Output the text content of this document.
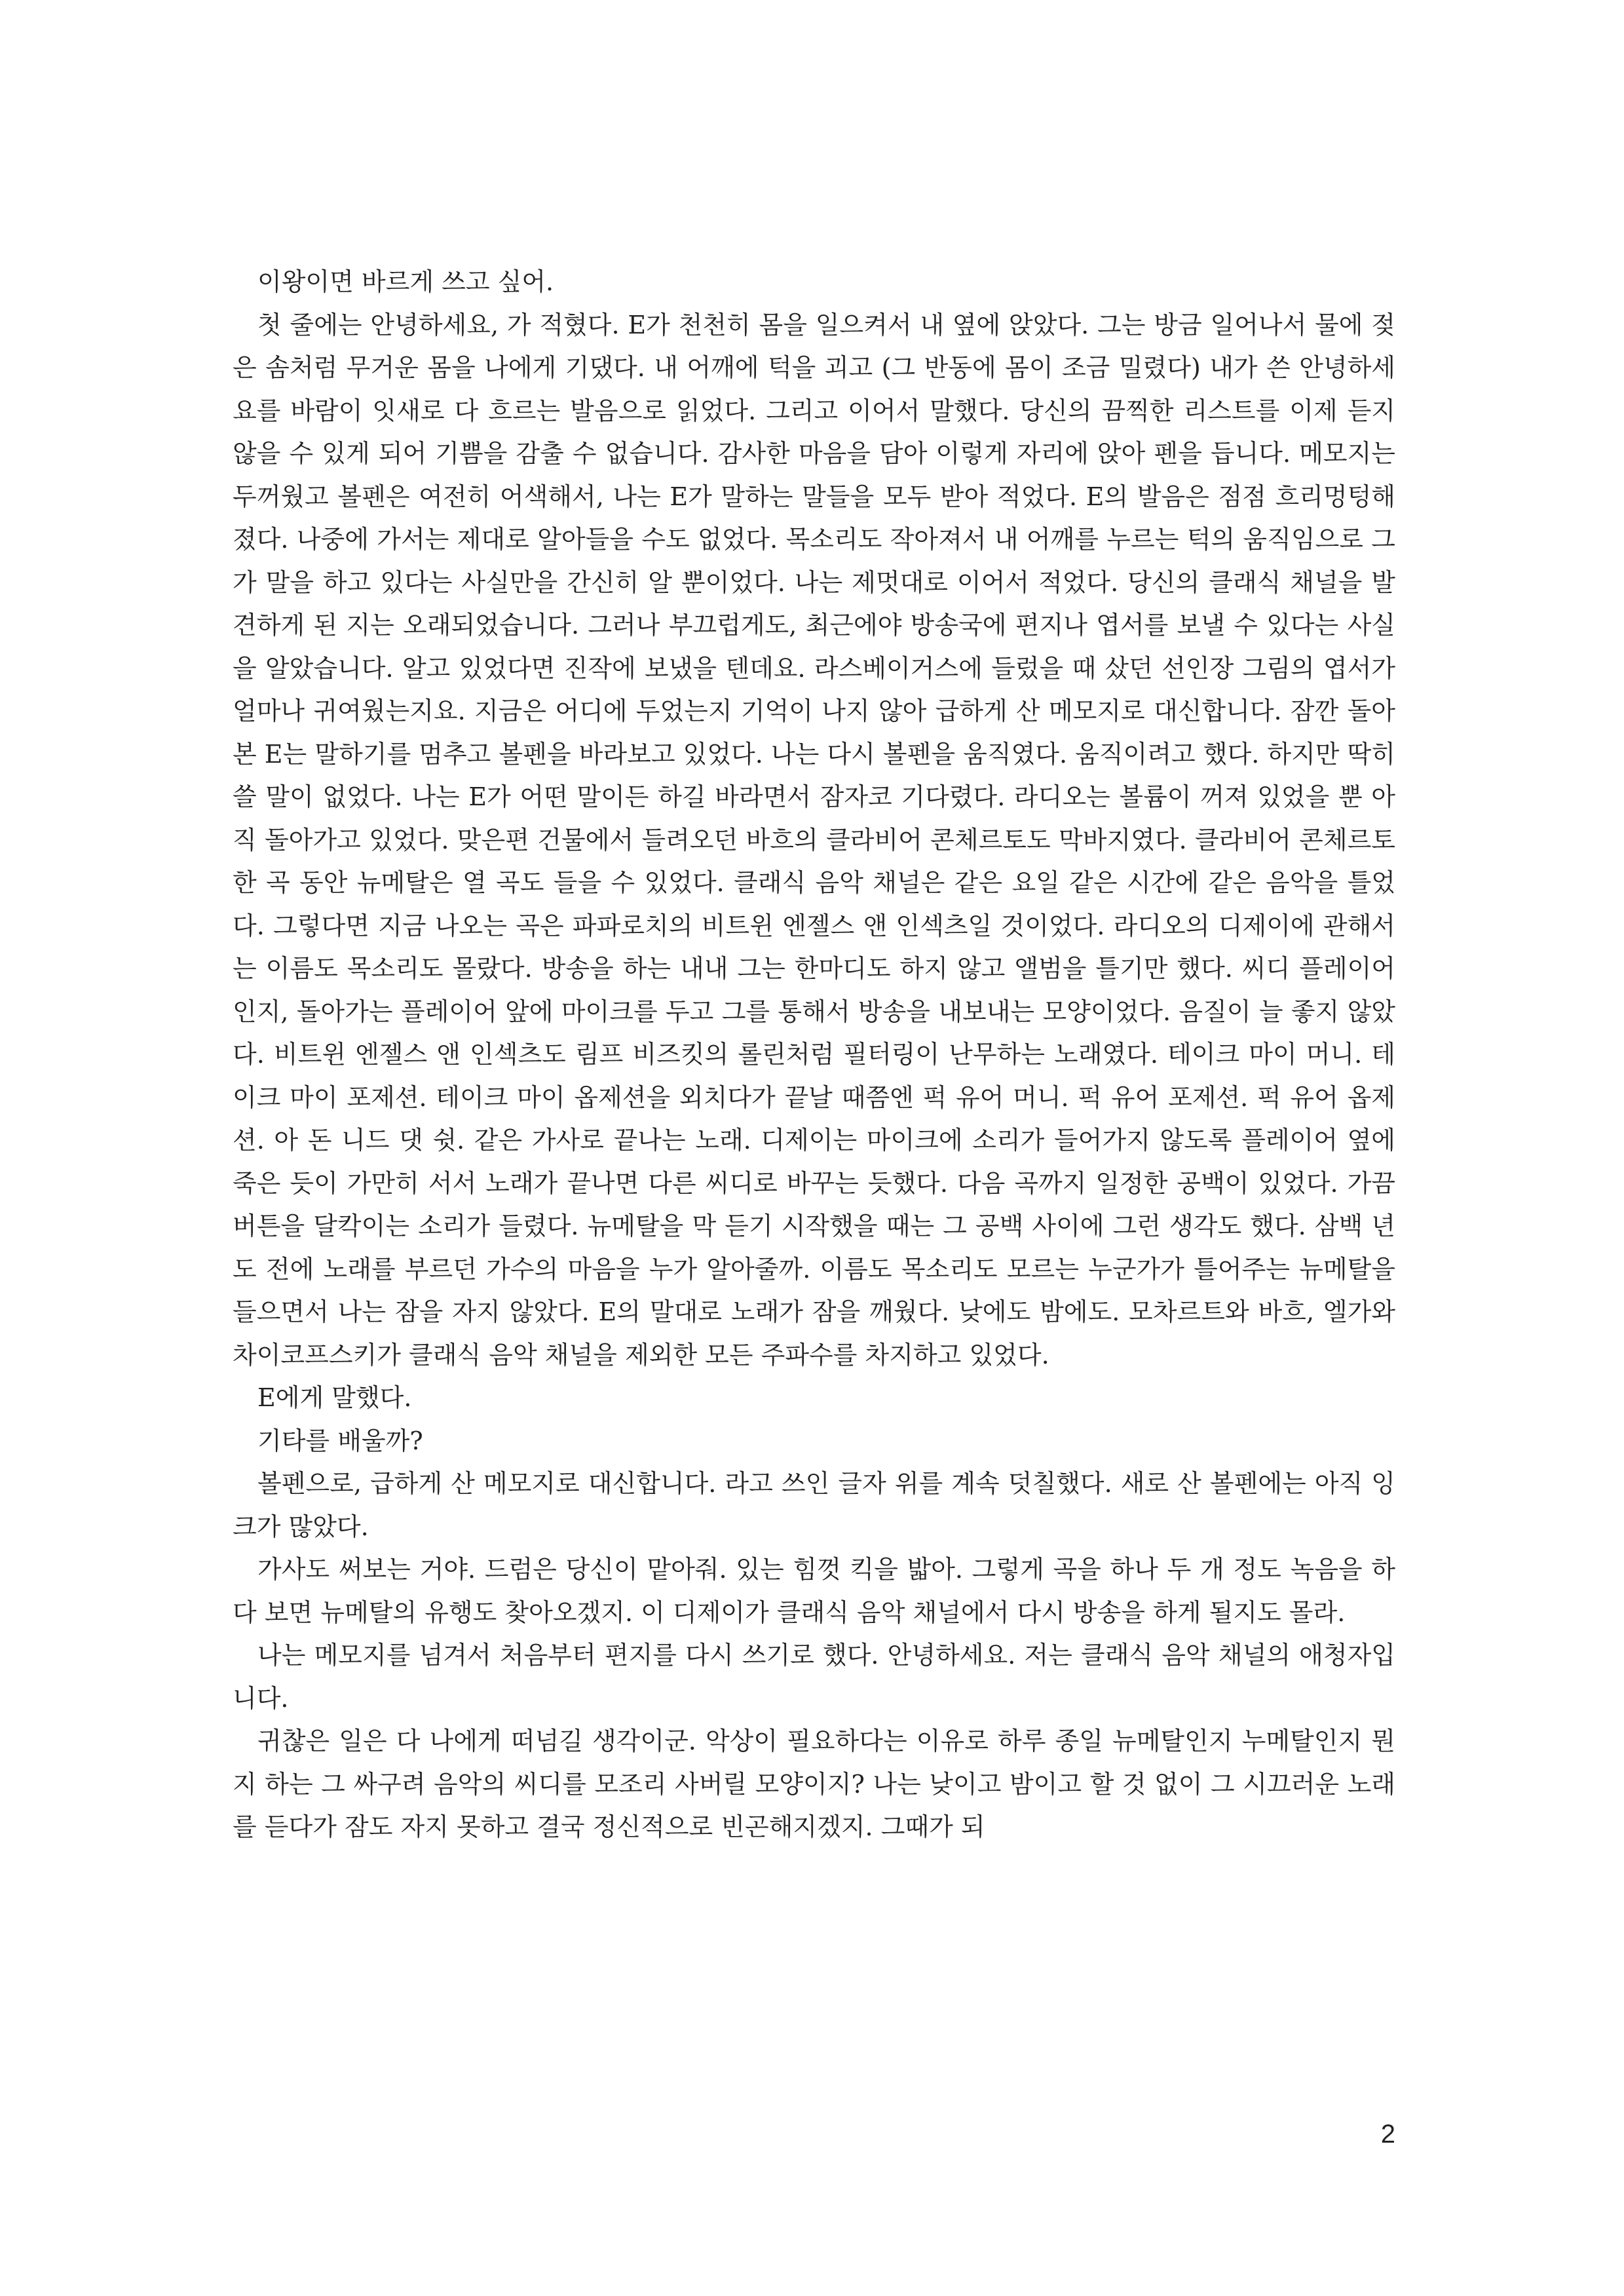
이왕이면 바르게 쓰고 싶어.

첫 줄에는 안녕하세요, 가 적혔다. E가 천천히 몸을 일으켜서 내 옆에 앉았다. 그는 방금 일어나서 물에 젖은 솜처럼 무거운 몸을 나에게 기댔다. 내 어깨에 턱을 괴고 (그 반동에 몸이 조금 밀렸다) 내가 쓴 안녕하세요를 바람이 잇새로 다 흐르는 발음으로 읽었다. 그리고 이어서 말했다. 당신의 끔찍한 리스트를 이제 듣지 않을 수 있게 되어 기쁨을 감출 수 없습니다. 감사한 마음을 담아 이렇게 자리에 앉아 펜을 듭니다. 메모지는 두꺼웠고 볼펜은 여전히 어색해서, 나는 E가 말하는 말들을 모두 받아 적었다. E의 발음은 점점 흐리멍텅해졌다. 나중에 가서는 제대로 알아들을 수도 없었다. 목소리도 작아져서 내 어깨를 누르는 턱의 움직임으로 그가 말을 하고 있다는 사실만을 간신히 알 뿐이었다. 나는 제멋대로 이어서 적었다. 당신의 클래식 채널을 발견하게 된 지는 오래되었습니다. 그러나 부끄럽게도, 최근에야 방송국에 편지나 엽서를 보낼 수 있다는 사실을 알았습니다. 알고 있었다면 진작에 보냈을 텐데요. 라스베이거스에 들렀을 때 샀던 선인장 그림의 엽서가 얼마나 귀여웠는지요. 지금은 어디에 두었는지 기억이 나지 않아 급하게 산 메모지로 대신합니다. 잠깐 돌아본 E는 말하기를 멈추고 볼펜을 바라보고 있었다. 나는 다시 볼펜을 움직였다. 움직이려고 했다. 하지만 딱히 쓸 말이 없었다. 나는 E가 어떤 말이든 하길 바라면서 잠자코 기다렸다. 라디오는 볼륨이 꺼져 있었을 뿐 아직 돌아가고 있었다. 맞은편 건물에서 들려오던 바흐의 클라비어 콘체르토도 막바지였다. 클라비어 콘체르토 한 곡 동안 뉴메탈은 열 곡도 들을 수 있었다. 클래식 음악 채널은 같은 요일 같은 시간에 같은 음악을 틀었다. 그렇다면 지금 나오는 곡은 파파로치의 비트윈 엔젤스 앤 인섹츠일 것이었다. 라디오의 디제이에 관해서는 이름도 목소리도 몰랐다. 방송을 하는 내내 그는 한마디도 하지 않고 앨범을 틀기만 했다. 씨디 플레이어인지, 돌아가는 플레이어 앞에 마이크를 두고 그를 통해서 방송을 내보내는 모양이었다. 음질이 늘 좋지 않았다. 비트윈 엔젤스 앤 인섹츠도 림프 비즈킷의 롤린처럼 필터링이 난무하는 노래였다. 테이크 마이 머니. 테이크 마이 포제션. 테이크 마이 옵제션을 외치다가 끝날 때쯤엔 퍽 유어 머니. 퍽 유어 포제션. 퍽 유어 옵제션. 아 돈 니드 댓 쉿. 같은 가사로 끝나는 노래. 디제이는 마이크에 소리가 들어가지 않도록 플레이어 옆에 죽은 듯이 가만히 서서 노래가 끝나면 다른 씨디로 바꾸는 듯했다. 다음 곡까지 일정한 공백이 있었다. 가끔 버튼을 달칵이는 소리가 들렸다. 뉴메탈을 막 듣기 시작했을 때는 그 공백 사이에 그런 생각도 했다. 삼백 년도 전에 노래를 부르던 가수의 마음을 누가 알아줄까. 이름도 목소리도 모르는 누군가가 틀어주는 뉴메탈을 들으면서 나는 잠을 자지 않았다. E의 말대로 노래가 잠을 깨웠다. 낮에도 밤에도. 모차르트와 바흐, 엘가와 차이코프스키가 클래식 음악 채널을 제외한 모든 주파수를 차지하고 있었다.

E에게 말했다.

기타를 배울까?

볼펜으로, 급하게 산 메모지로 대신합니다. 라고 쓰인 글자 위를 계속 덧칠했다. 새로 산 볼펜에는 아직 잉크가 많았다.

가사도 써보는 거야. 드럼은 당신이 맡아줘. 있는 힘껏 킥을 밟아. 그렇게 곡을 하나 두 개 정도 녹음을 하다 보면 뉴메탈의 유행도 찾아오겠지. 이 디제이가 클래식 음악 채널에서 다시 방송을 하게 될지도 몰라.

나는 메모지를 넘겨서 처음부터 편지를 다시 쓰기로 했다. 안녕하세요. 저는 클래식 음악 채널의 애청자입니다.

귀찮은 일은 다 나에게 떠넘길 생각이군. 악상이 필요하다는 이유로 하루 종일 뉴메탈인지 누메탈인지 뭔지 하는 그 싸구려 음악의 씨디를 모조리 사버릴 모양이지? 나는 낮이고 밤이고 할 것 없이 그 시끄러운 노래를 듣다가 잠도 자지 못하고 결국 정신적으로 빈곤해지겠지. 그때가 되

2
